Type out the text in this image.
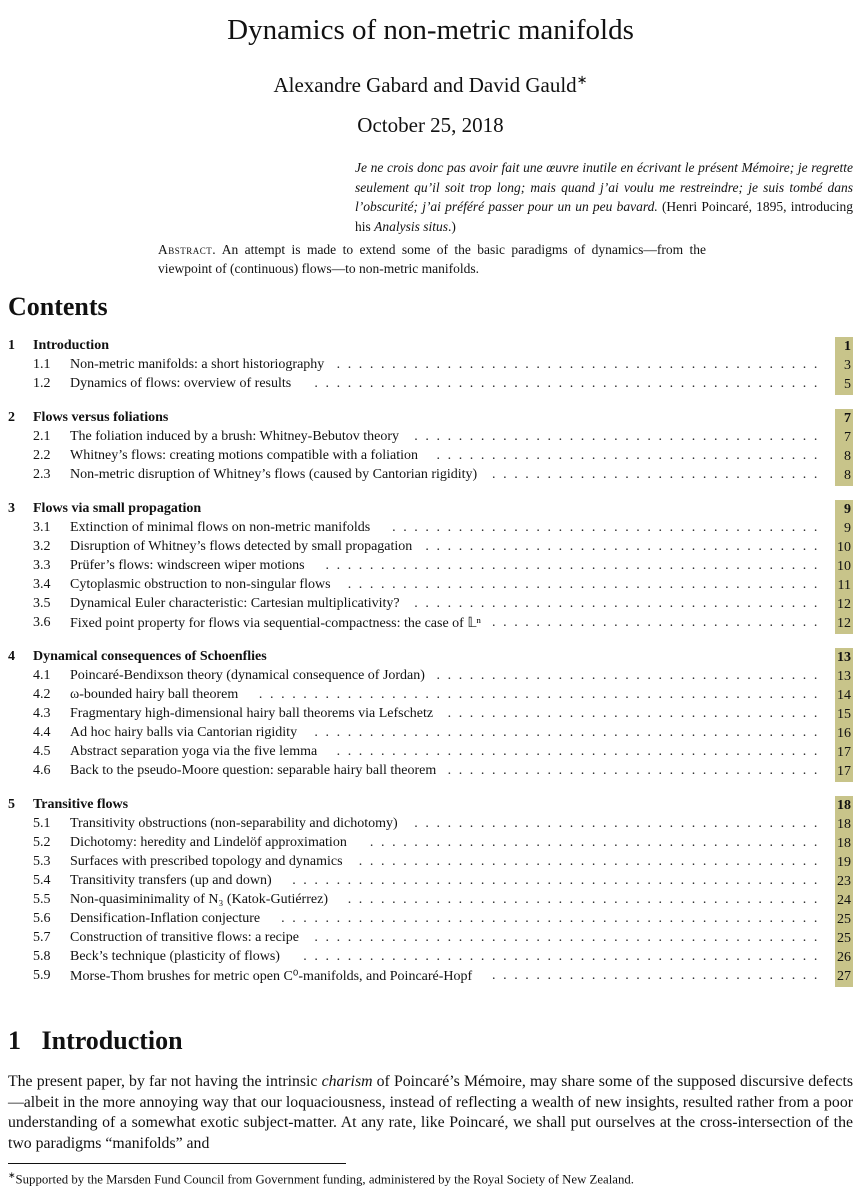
Dynamics of non-metric manifolds
Alexandre Gabard and David Gauld∗
October 25, 2018
Je ne crois donc pas avoir fait une œuvre inutile en écrivant le présent Mémoire; je regrette seulement qu’il soit trop long; mais quand j’ai voulu me restreindre; je suis tombé dans l’obscurité; j’ai préféré passer pour un un peu bavard. (Henri Poincaré, 1895, introducing his Analysis situs.)
Abstract. An attempt is made to extend some of the basic paradigms of dynamics—from the viewpoint of (continuous) flows—to non-metric manifolds.
Contents
1 Introduction	1
1.1 Non-metric manifolds: a short historiography ............................................	3
1.2 Dynamics of flows: overview of results	..............................................	5
2 Flows versus foliations	7
2.1 The foliation induced by a brush: Whitney-Bebutov theory	.....................................	7
2.2 Whitney’s flows: creating motions compatible with a foliation	...................................	8
2.3 Non-metric disruption of Whitney’s flows (caused by Cantorian rigidity)	..............................	8
3 Flows via small propagation	9
3.1 Extinction of minimal flows on non-metric manifolds	.......................................	9
3.2 Disruption of Whitney’s flows detected by small propagation .................................... 10
3.3 Prüfer’s flows: windscreen wiper motions	............................................. 10
3.4 Cytoplasmic obstruction to non-singular flows	........................................... 11
3.5 Dynamical Euler characteristic: Cartesian multiplicativity?	..................................... 12
3.6 Fixed point property for flows via sequential-compactness: the case of 𝕃ⁿ .............................. 12
4 Dynamical consequences of Schoenflies	13
4.1 Poincaré-Bendixson theory (dynamical consequence of Jordan) ................................... 13
4.2 ω-bounded hairy ball theorem	................................................... 14
4.3 Fragmentary high-dimensional hairy ball theorems via Lefschetz	.................................. 15
4.4 Ad hoc hairy balls via Cantorian rigidity	.............................................. 16
4.5 Abstract separation yoga via the five lemma	............................................ 17
4.6 Back to the pseudo-Moore question: separable hairy ball theorem .................................. 17
5 Transitive flows	18
5.1 Transitivity obstructions (non-separability and dichotomy)	..................................... 18
5.2 Dichotomy: heredity and Lindelöf approximation	......................................... 18
5.3 Surfaces with prescribed topology and dynamics	.......................................... 19
5.4 Transitivity transfers (up and down)	................................................ 23
5.5 Non-quasiminimality of N₃ (Katok-Gutiérrez)	........................................... 24
5.6 Densification-Inflation conjecture	................................................. 25
5.7 Construction of transitive flows: a recipe	.............................................. 25
5.8 Beck’s technique (plasticity of flows)	............................................... 26
5.9 Morse-Thom brushes for metric open C⁰-manifolds, and Poincaré-Hopf	.............................. 27
1 Introduction
The present paper, by far not having the intrinsic charism of Poincaré’s Mémoire, may share some of the supposed discursive defects—albeit in the more annoying way that our loquaciousness, instead of reflecting a wealth of new insights, resulted rather from a poor understanding of a somewhat exotic subject-matter. At any rate, like Poincaré, we shall put ourselves at the cross-intersection of the two paradigms “manifolds” and
∗Supported by the Marsden Fund Council from Government funding, administered by the Royal Society of New Zealand.
